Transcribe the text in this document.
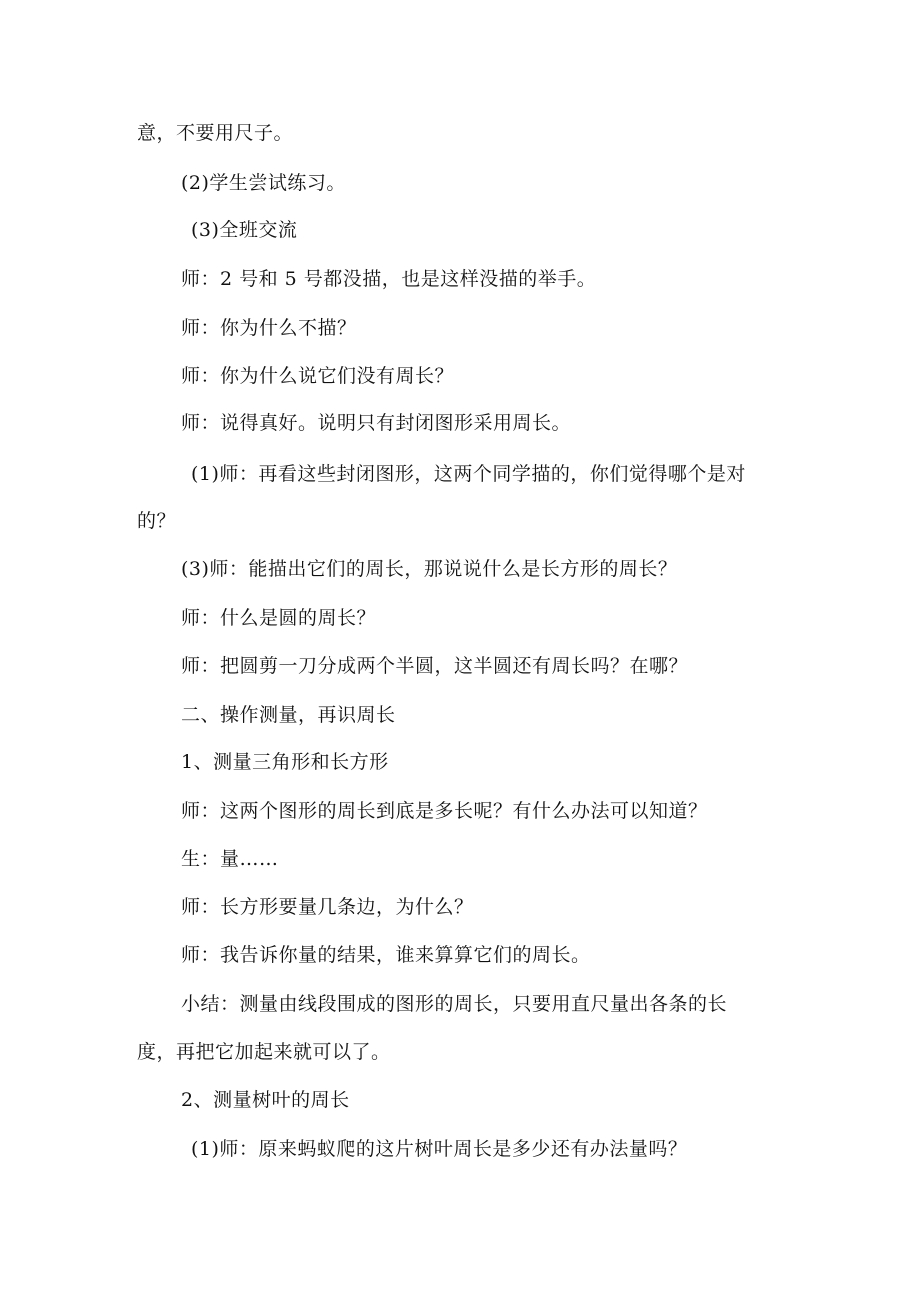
意，不要用尺子。
(2)学生尝试练习。
(3)全班交流
师：2 号和 5 号都没描，也是这样没描的举手。
师：你为什么不描？
师：你为什么说它们没有周长？
师：说得真好。说明只有封闭图形采用周长。
(1)师：再看这些封闭图形，这两个同学描的，你们觉得哪个是对
的？
(3)师：能描出它们的周长，那说说什么是长方形的周长？
师：什么是圆的周长？
师：把圆剪一刀分成两个半圆，这半圆还有周长吗？在哪？
二、操作测量，再识周长
1、测量三角形和长方形
师：这两个图形的周长到底是多长呢？有什么办法可以知道？
生：量……
师：长方形要量几条边，为什么？
师：我告诉你量的结果，谁来算算它们的周长。
小结：测量由线段围成的图形的周长，只要用直尺量出各条的长
度，再把它加起来就可以了。
2、测量树叶的周长
(1)师：原来蚂蚁爬的这片树叶周长是多少还有办法量吗？
